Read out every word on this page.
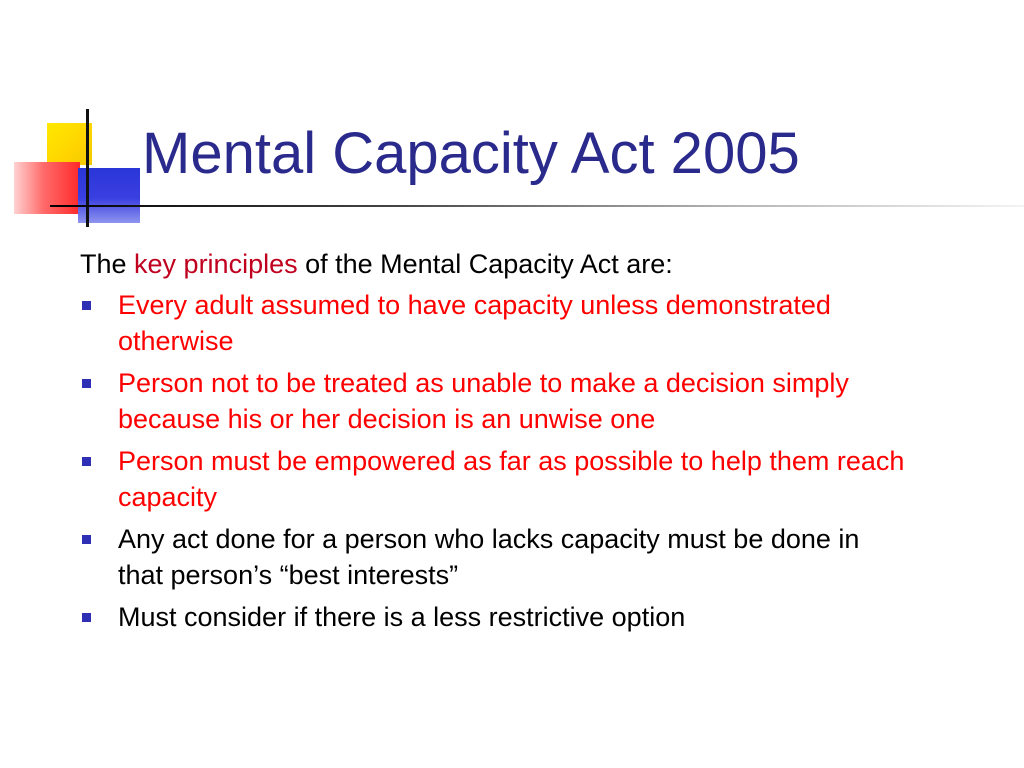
Mental Capacity Act 2005

The key principles of the Mental Capacity Act are:

Every adult assumed to have capacity unless demonstrated otherwise
Person not to be treated as unable to make a decision simply because his or her decision is an unwise one
Person must be empowered as far as possible to help them reach capacity
Any act done for a person who lacks capacity must be done in that person’s “best interests”
Must consider if there is a less restrictive option
